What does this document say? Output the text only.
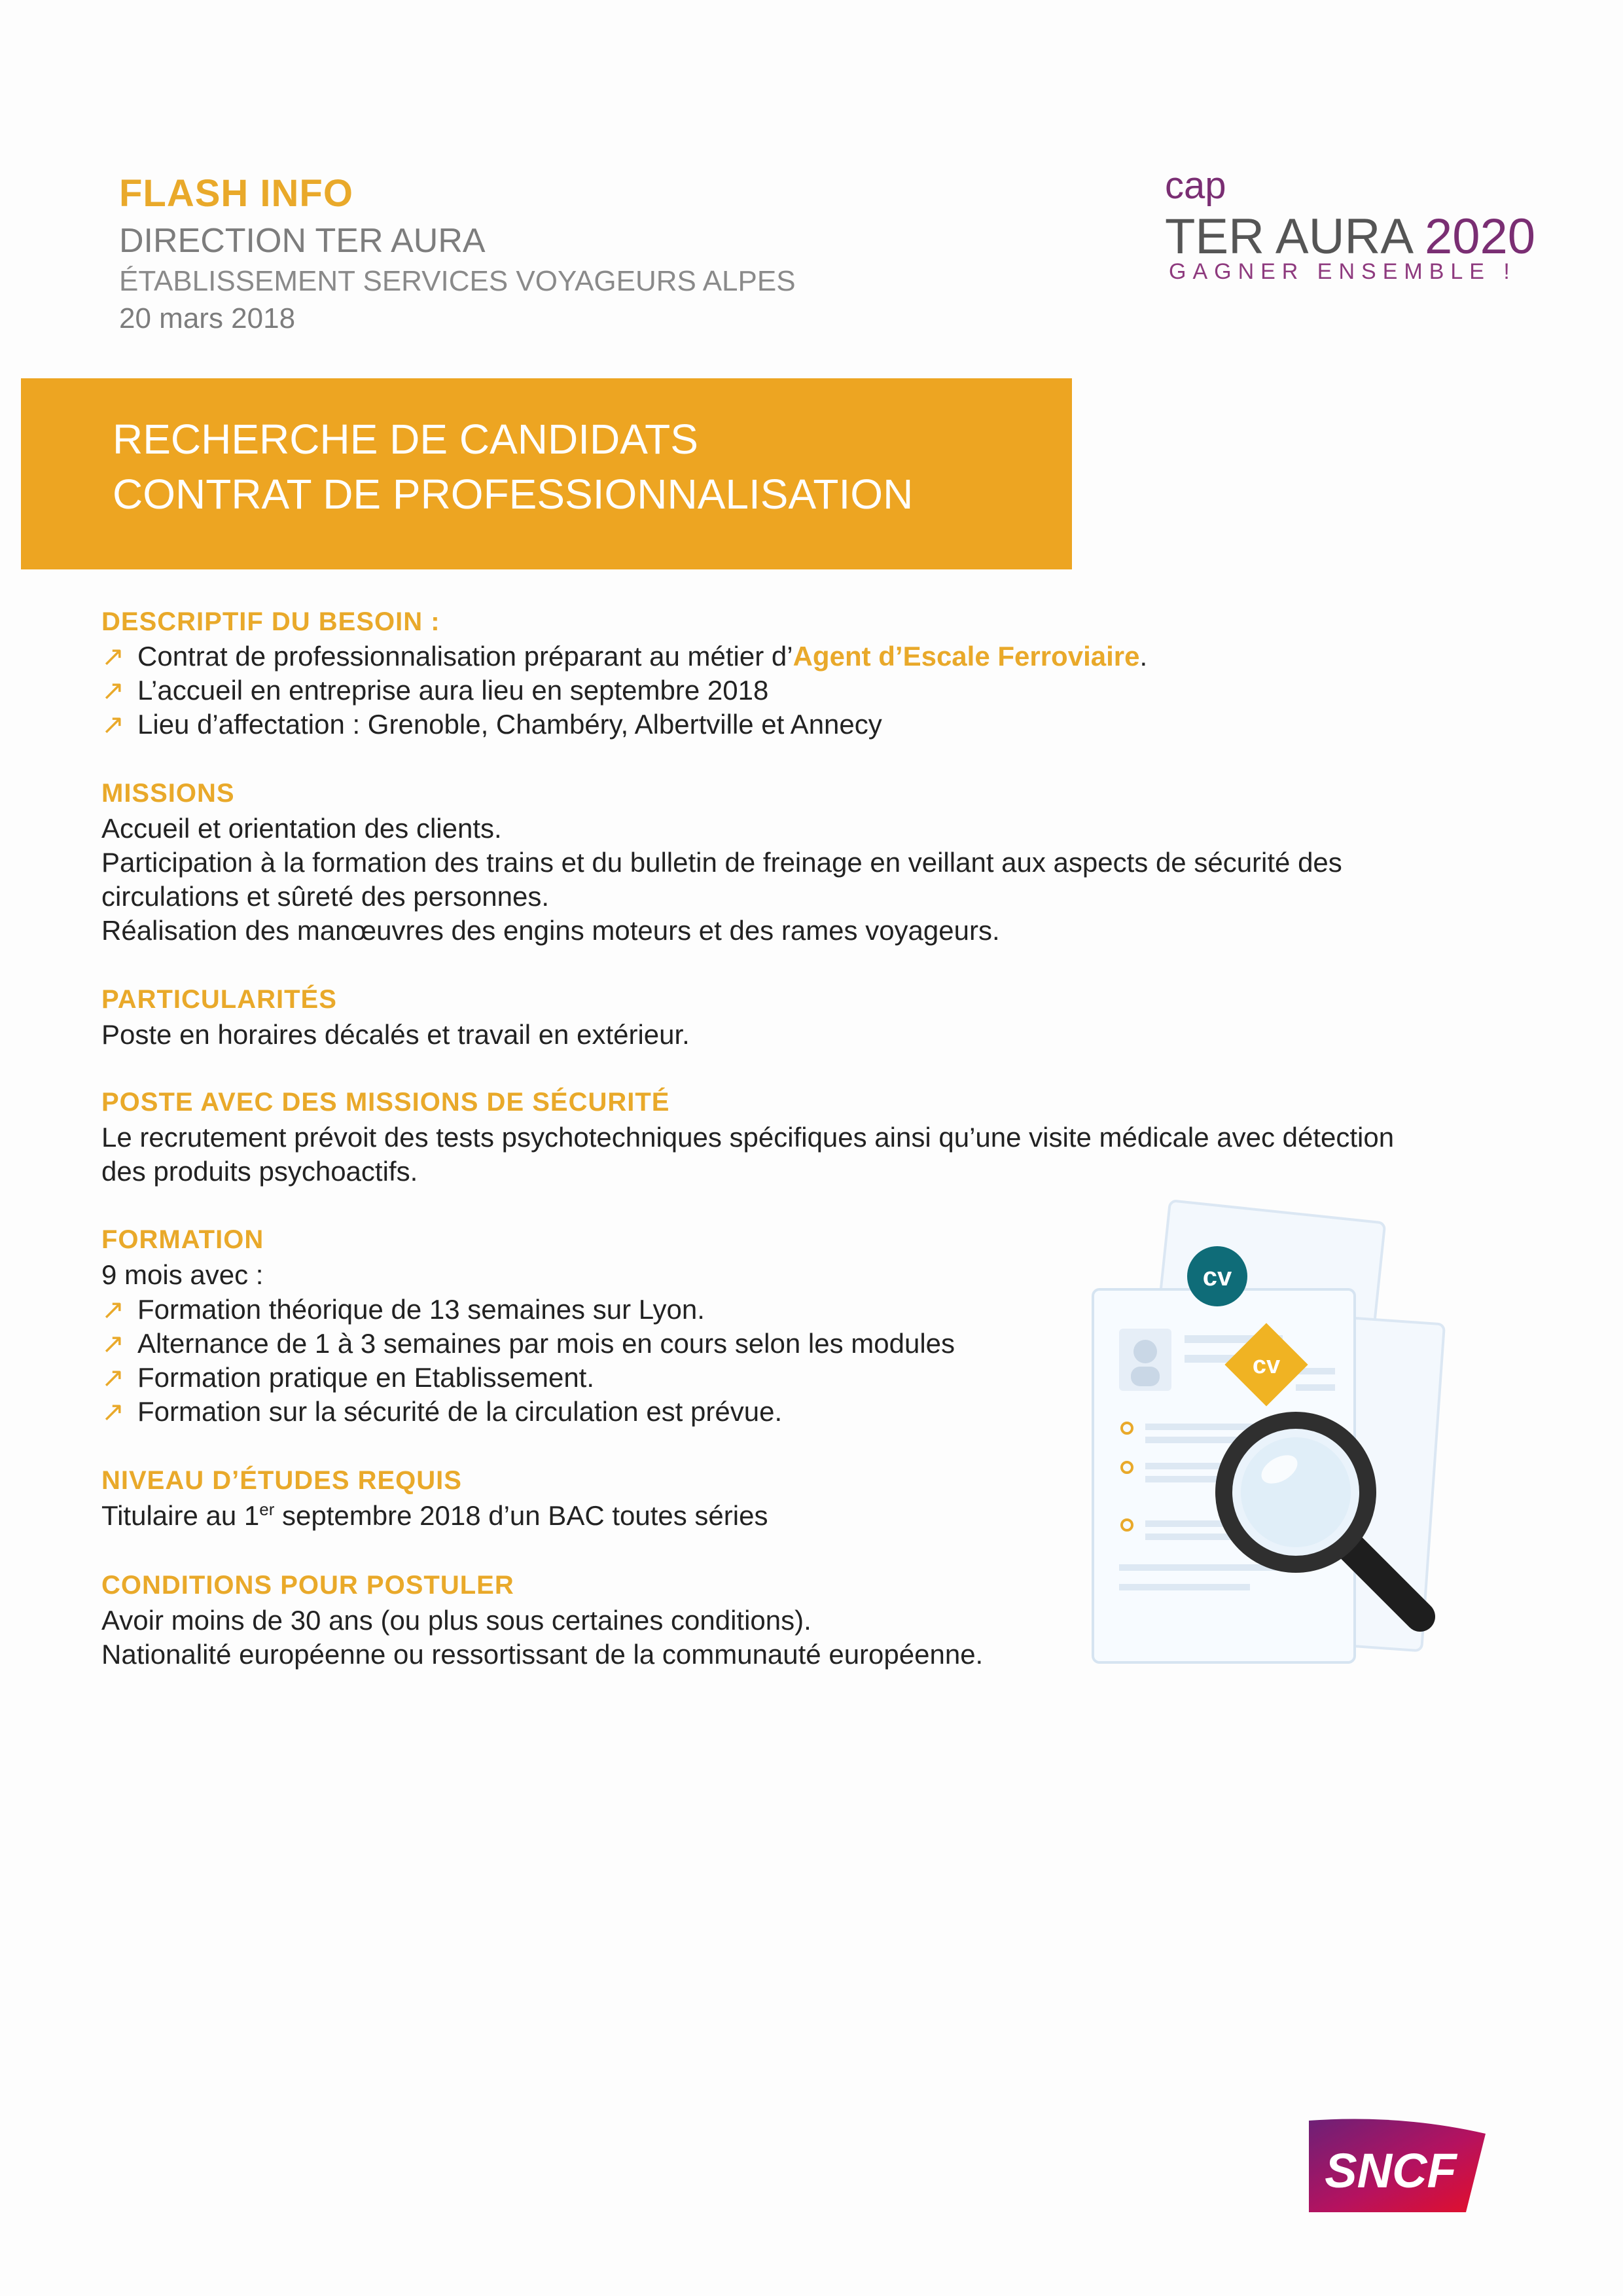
FLASH INFO
DIRECTION TER AURA
ÉTABLISSEMENT SERVICES VOYAGEURS ALPES
20 mars 2018
cap
TER AURA 2020
GAGNER ENSEMBLE !
RECHERCHE DE CANDIDATS
CONTRAT DE PROFESSIONNALISATION
DESCRIPTIF DU BESOIN :
↗ Contrat de professionnalisation préparant au métier d’Agent d’Escale Ferroviaire.
↗ L’accueil en entreprise aura lieu en septembre 2018
↗ Lieu d’affectation : Grenoble, Chambéry, Albertville et Annecy
MISSIONS
Accueil et orientation des clients.
Participation à la formation des trains et du bulletin de freinage en veillant aux aspects de sécurité des
circulations et sûreté des personnes.
Réalisation des manœuvres des engins moteurs et des rames voyageurs.
PARTICULARITÉS
Poste en horaires décalés et travail en extérieur.
POSTE AVEC DES MISSIONS DE SÉCURITÉ
Le recrutement prévoit des tests psychotechniques spécifiques ainsi qu’une visite médicale avec détection
des produits psychoactifs.
FORMATION
9 mois avec :
↗ Formation théorique de 13 semaines sur Lyon.
↗ Alternance de 1 à 3 semaines par mois en cours selon les modules
↗ Formation pratique en Etablissement.
↗ Formation sur la sécurité de la circulation est prévue.
NIVEAU D’ÉTUDES REQUIS
Titulaire au 1er septembre 2018 d’un BAC toutes séries
CONDITIONS POUR POSTULER
Avoir moins de 30 ans (ou plus sous certaines conditions).
Nationalité européenne ou ressortissant de la communauté européenne.
cv
cv
SNCF
